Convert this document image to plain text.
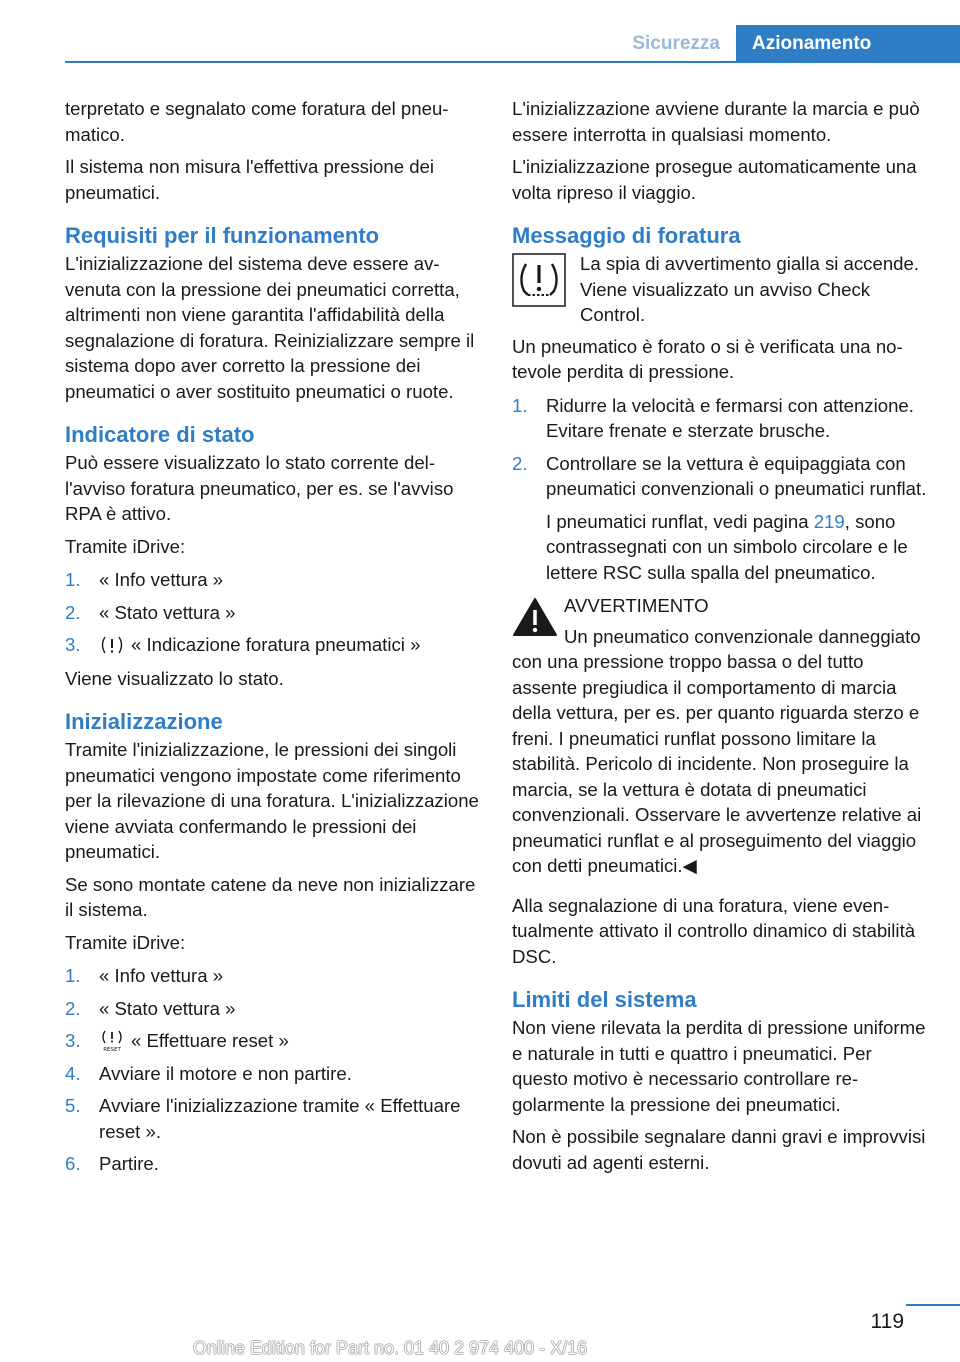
Sicurezza	Azionamento

terpretato e segnalato come foratura del pneumatico.

Il sistema non misura l'effettiva pressione dei pneumatici.

Requisiti per il funzionamento

L'inizializzazione del sistema deve essere avvenuta con la pressione dei pneumatici corretta, altrimenti non viene garantita l'affidabilità della segnalazione di foratura. Reinizializzare sempre il sistema dopo aver corretto la pressione dei pneumatici o aver sostituito pneumatici o ruote.

Indicatore di stato

Può essere visualizzato lo stato corrente dell'avviso foratura pneumatico, per es. se l'avviso RPA è attivo.

Tramite iDrive:

1. « Info vettura »
2. « Stato vettura »
3.	« Indicazione foratura pneumatici »

Viene visualizzato lo stato.

Inizializzazione

Tramite l'inizializzazione, le pressioni dei singoli pneumatici vengono impostate come riferimento per la rilevazione di una foratura. L'inizializzazione viene avviata confermando le pressioni dei pneumatici.

Se sono montate catene da neve non inizializzare il sistema.

Tramite iDrive:

1. « Info vettura »
2. « Stato vettura »
3.	RESET « Effettuare reset »
4. Avviare il motore e non partire.
5. Avviare l'inizializzazione tramite « Effettuare reset ».
6. Partire.

L'inizializzazione avviene durante la marcia e può essere interrotta in qualsiasi momento.

L'inizializzazione prosegue automaticamente una volta ripreso il viaggio.

Messaggio di foratura
La spia di avvertimento gialla si accende. Viene visualizzato un avviso Check Control.

Un pneumatico è forato o si è verificata una notevole perdita di pressione.

1. Ridurre la velocità e fermarsi con attenzione. Evitare frenate e sterzate brusche.
2. Controllare se la vettura è equipaggiata con pneumatici convenzionali o pneumatici runflat.

I pneumatici runflat, vedi pagina 219, sono contrassegnati con un simbolo circolare e le lettere RSC sulla spalla del pneumatico.

AVVERTIMENTO

Un pneumatico convenzionale danneggiato con una pressione troppo bassa o del tutto assente pregiudica il comportamento di marcia della vettura, per es. per quanto riguarda sterzo e freni. I pneumatici runflat possono limitare la stabilità. Pericolo di incidente. Non proseguire la marcia, se la vettura è dotata di pneumatici convenzionali. Osservare le avvertenze relative ai pneumatici runflat e al proseguimento del viaggio con detti pneumatici.◀

Alla segnalazione di una foratura, viene eventualmente attivato il controllo dinamico di stabilità DSC.

Limiti del sistema

Non viene rilevata la perdita di pressione uniforme e naturale in tutti e quattro i pneumatici. Per questo motivo è necessario controllare regolarmente la pressione dei pneumatici.

Non è possibile segnalare danni gravi e improvvisi dovuti ad agenti esterni.

119
Online Edition for Part no. 01 40 2 974 400 - X/16
